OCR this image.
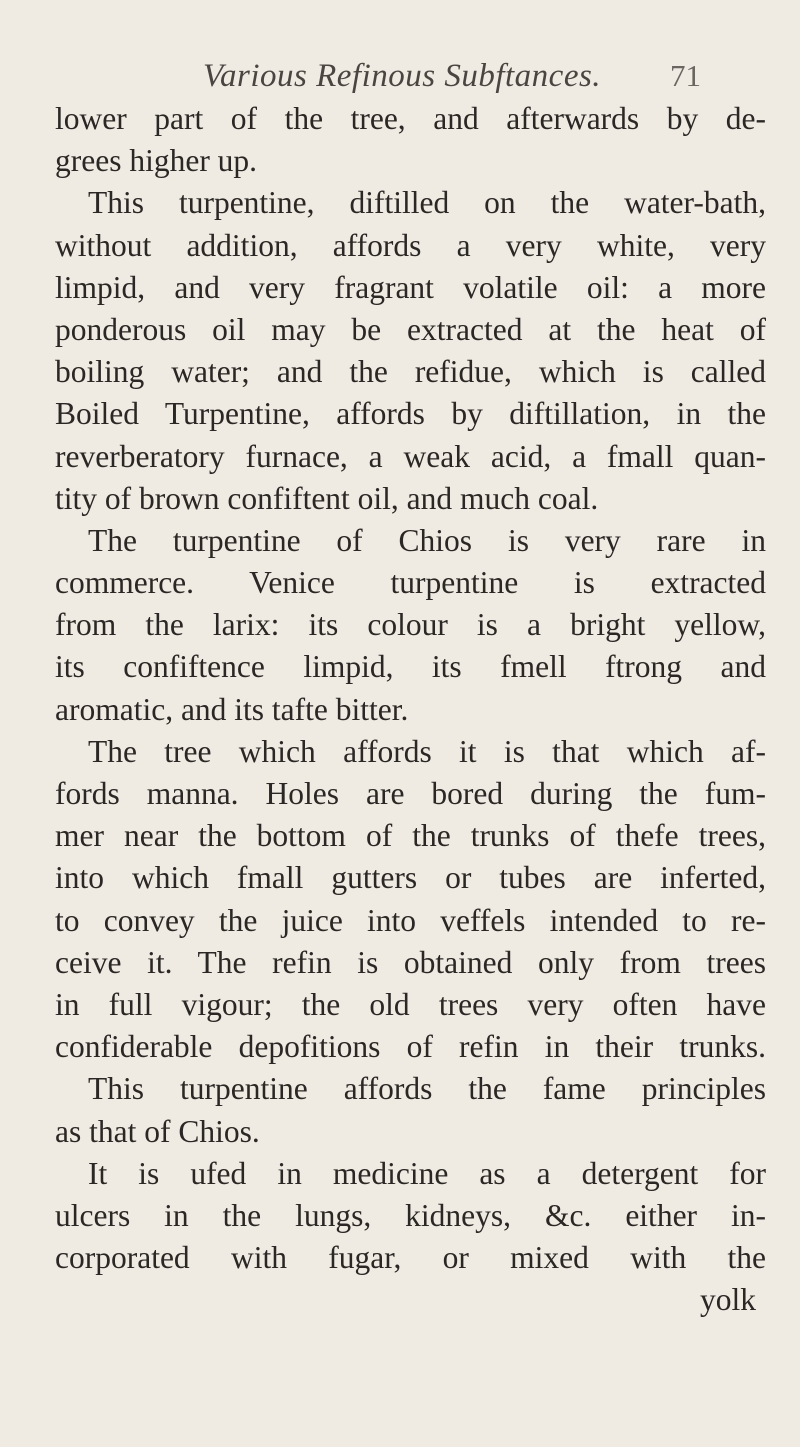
Various Refinous Subftances. 71
lower part of the tree, and afterwards by de-
grees higher up.
This turpentine, diftilled on the water-bath,
without addition, affords a very white, very
limpid, and very fragrant volatile oil: a more
ponderous oil may be extracted at the heat of
boiling water; and the refidue, which is called
Boiled Turpentine, affords by diftillation, in the
reverberatory furnace, a weak acid, a fmall quan-
tity of brown confiftent oil, and much coal.
The turpentine of Chios is very rare in
commerce. Venice turpentine is extracted
from the larix: its colour is a bright yellow,
its confiftence limpid, its fmell ftrong and
aromatic, and its tafte bitter.
The tree which affords it is that which af-
fords manna. Holes are bored during the fum-
mer near the bottom of the trunks of thefe trees,
into which fmall gutters or tubes are inferted,
to convey the juice into veffels intended to re-
ceive it. The refin is obtained only from trees
in full vigour; the old trees very often have
confiderable depofitions of refin in their trunks.
This turpentine affords the fame principles
as that of Chios.
It is ufed in medicine as a detergent for
ulcers in the lungs, kidneys, &c. either in-
corporated with fugar, or mixed with the
yolk
